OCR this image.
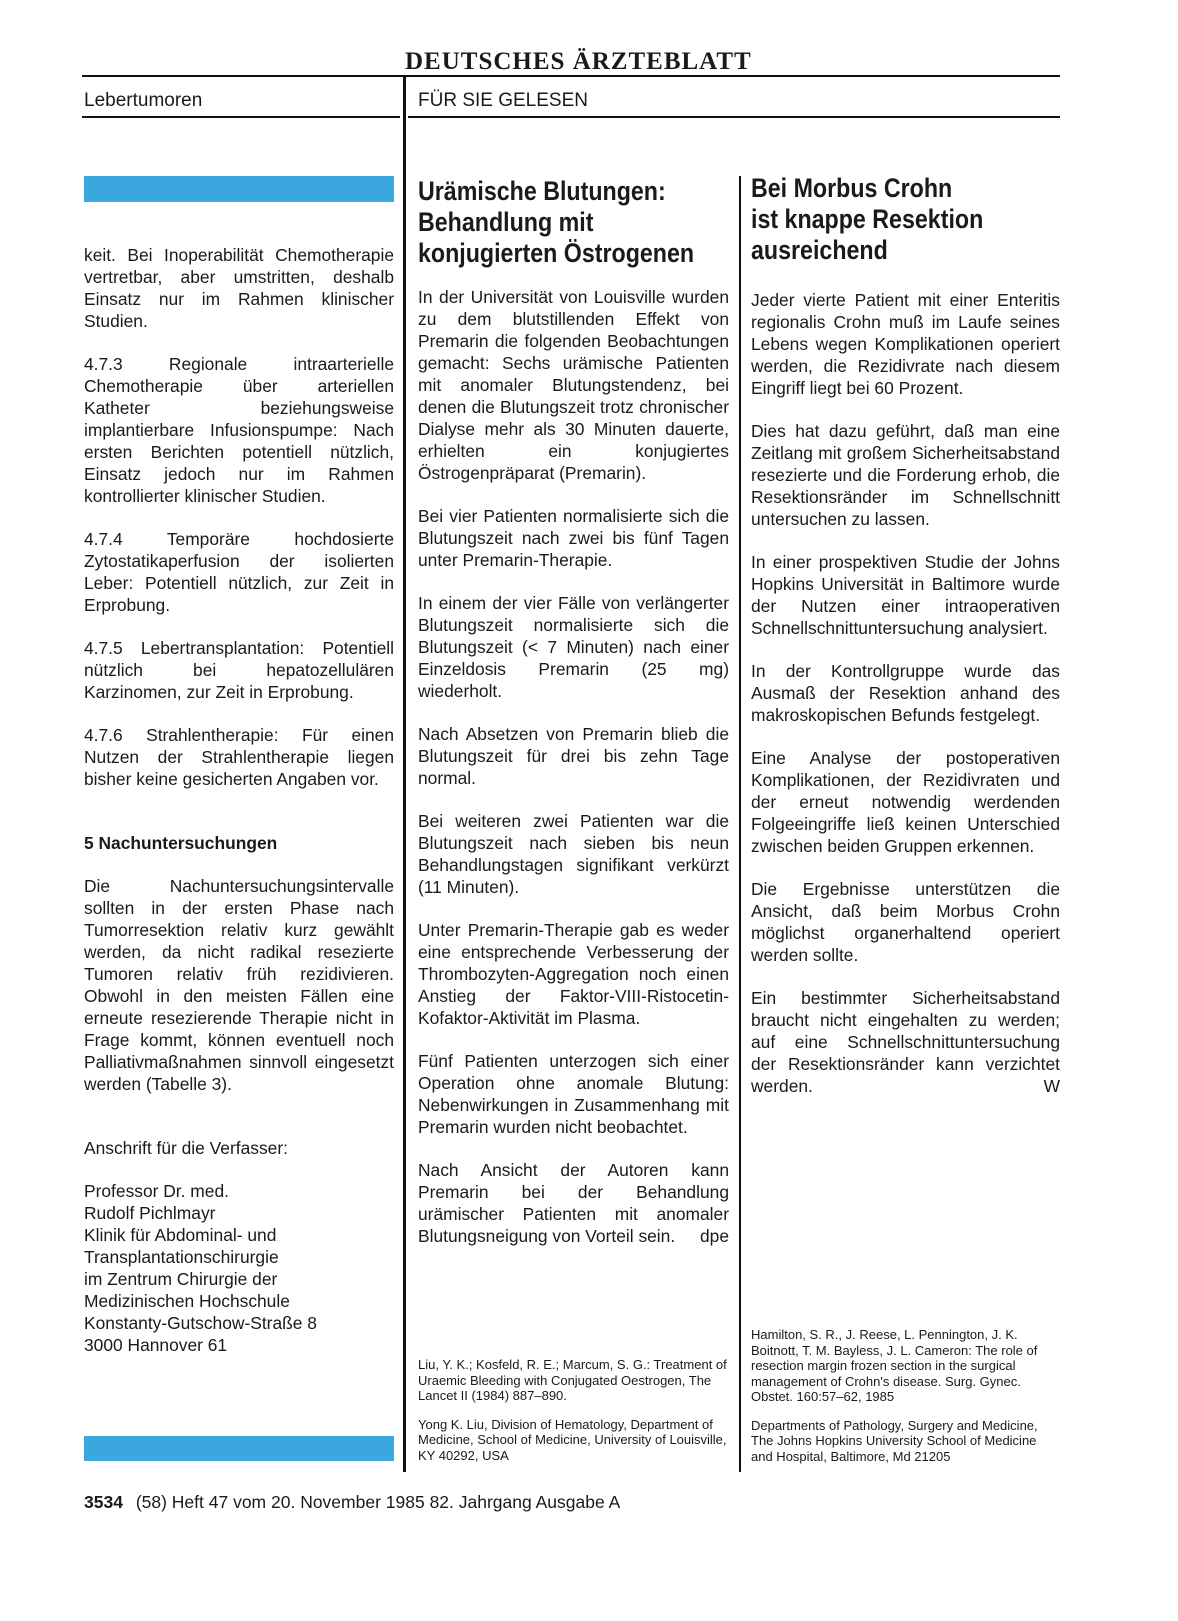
DEUTSCHES ÄRZTEBLATT
Lebertumoren	FÜR SIE GELESEN

keit. Bei Inoperabilität Chemotherapie vertretbar, aber umstritten, deshalb Einsatz nur im Rahmen klinischer Studien.

4.7.3 Regionale intraarterielle Chemotherapie über arteriellen Katheter beziehungsweise implantierbare Infusionspumpe: Nach ersten Berichten potentiell nützlich, Einsatz jedoch nur im Rahmen kontrollierter klinischer Studien.

4.7.4 Temporäre hochdosierte Zytostatikaperfusion der isolierten Leber: Potentiell nützlich, zur Zeit in Erprobung.

4.7.5 Lebertransplantation: Potentiell nützlich bei hepatozellulären Karzinomen, zur Zeit in Erprobung.

4.7.6 Strahlentherapie: Für einen Nutzen der Strahlentherapie liegen bisher keine gesicherten Angaben vor.

5 Nachuntersuchungen

Die Nachuntersuchungsintervalle sollten in der ersten Phase nach Tumorresektion relativ kurz gewählt werden, da nicht radikal resezierte Tumoren relativ früh rezidivieren. Obwohl in den meisten Fällen eine erneute resezierende Therapie nicht in Frage kommt, können eventuell noch Palliativmaßnahmen sinnvoll eingesetzt werden (Tabelle 3).

Anschrift für die Verfasser:

Professor Dr. med.
Rudolf Pichlmayr
Klinik für Abdominal- und
Transplantationschirurgie
im Zentrum Chirurgie der
Medizinischen Hochschule
Konstanty-Gutschow-Straße 8
3000 Hannover 61
Urämische Blutungen:
Behandlung mit
konjugierten Östrogenen

In der Universität von Louisville wurden zu dem blutstillenden Effekt von Premarin die folgenden Beobachtungen gemacht: Sechs urämische Patienten mit anomaler Blutungstendenz, bei denen die Blutungszeit trotz chronischer Dialyse mehr als 30 Minuten dauerte, erhielten ein konjugiertes Östrogenpräparat (Premarin).

Bei vier Patienten normalisierte sich die Blutungszeit nach zwei bis fünf Tagen unter Premarin-Therapie.

In einem der vier Fälle von verlängerter Blutungszeit normalisierte sich die Blutungszeit (< 7 Minuten) nach einer Einzeldosis Premarin (25 mg) wiederholt.

Nach Absetzen von Premarin blieb die Blutungszeit für drei bis zehn Tage normal.

Bei weiteren zwei Patienten war die Blutungszeit nach sieben bis neun Behandlungstagen signifikant verkürzt (11 Minuten).

Unter Premarin-Therapie gab es weder eine entsprechende Verbesserung der Thrombozyten-Aggregation noch einen Anstieg der Faktor-VIII-Ristocetin-Kofaktor-Aktivität im Plasma.

Fünf Patienten unterzogen sich einer Operation ohne anomale Blutung: Nebenwirkungen in Zusammenhang mit Premarin wurden nicht beobachtet.

Nach Ansicht der Autoren kann Premarin bei der Behandlung urämischer Patienten mit anomaler Blutungsneigung von Vorteil sein. dpe

Liu, Y. K.; Kosfeld, R. E.; Marcum, S. G.: Treatment of Uraemic Bleeding with Conjugated Oestrogen, The Lancet II (1984) 887–890.

Yong K. Liu, Division of Hematology, Department of Medicine, School of Medicine, University of Louisville, KY 40292, USA

Bei Morbus Crohn
ist knappe Resektion
ausreichend

Jeder vierte Patient mit einer Enteritis regionalis Crohn muß im Laufe seines Lebens wegen Komplikationen operiert werden, die Rezidivrate nach diesem Eingriff liegt bei 60 Prozent.

Dies hat dazu geführt, daß man eine Zeitlang mit großem Sicherheitsabstand resezierte und die Forderung erhob, die Resektionsränder im Schnellschnitt untersuchen zu lassen.

In einer prospektiven Studie der Johns Hopkins Universität in Baltimore wurde der Nutzen einer intraoperativen Schnellschnittuntersuchung analysiert.

In der Kontrollgruppe wurde das Ausmaß der Resektion anhand des makroskopischen Befunds festgelegt.

Eine Analyse der postoperativen Komplikationen, der Rezidivraten und der erneut notwendig werdenden Folgeeingriffe ließ keinen Unterschied zwischen beiden Gruppen erkennen.

Die Ergebnisse unterstützen die Ansicht, daß beim Morbus Crohn möglichst organerhaltend operiert werden sollte.

Ein bestimmter Sicherheitsabstand braucht nicht eingehalten zu werden; auf eine Schnellschnittuntersuchung der Resektionsränder kann verzichtet werden.	W

Hamilton, S. R., J. Reese, L. Pennington, J. K. Boitnott, T. M. Bayless, J. L. Cameron: The role of resection margin frozen section in the surgical management of Crohn's disease. Surg. Gynec. Obstet. 160:57–62, 1985

Departments of Pathology, Surgery and Medicine, The Johns Hopkins University School of Medicine and Hospital, Baltimore, Md 21205

3534 (58) Heft 47 vom 20. November 1985 82. Jahrgang Ausgabe A
